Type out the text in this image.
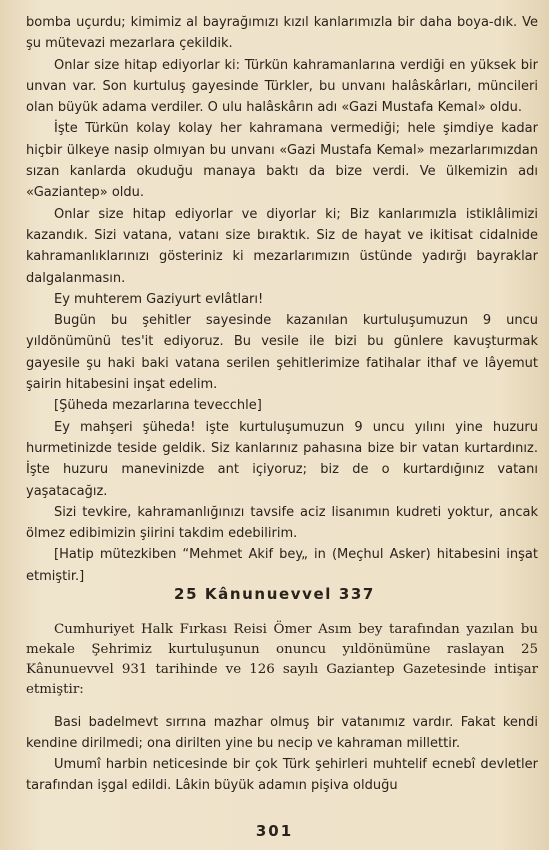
bomba uçurdu; kimimiz al bayrağımızı kızıl kanlarımızla bir daha boya-dık. Ve şu mütevazi mezarlara çekildik.

Onlar size hitap ediyorlar ki: Türkün kahramanlarına verdiği en yüksek bir unvan var. Son kurtuluş gayesinde Türkler, bu unvanı halâskârları, müncileri olan büyük adama verdiler. O ulu halâskârın adı «Gazi Mustafa Kemal» oldu.

İşte Türkün kolay kolay her kahramana vermediği; hele şimdiye kadar hiçbir ülkeye nasip olmıyan bu unvanı «Gazi Mustafa Kemal» mezarlarımızdan sızan kanlarda okuduğu manaya baktı da bize verdi. Ve ülkemizin adı «Gaziantep» oldu.

Onlar size hitap ediyorlar ve diyorlar ki; Biz kanlarımızla istiklâlimizi kazandık. Sizi vatana, vatanı size bıraktık. Siz de hayat ve ikitisat cidalnide kahramanlıklarınızı gösteriniz ki mezarlarımızın üstünde yadırğı bayraklar dalgalanmasın.

Ey muhterem Gaziyurt evlâtları!

Bugün bu şehitler sayesinde kazanılan kurtuluşumuzun 9 uncu yıldönümünü tes'it ediyoruz. Bu vesile ile bizi bu günlere kavuşturmak gayesile şu haki baki vatana serilen şehitlerimize fatihalar ithaf ve lâyemut şairin hitabesini inşat edelim.

[Şüheda mezarlarına tevecchle]

Ey mahşeri şüheda! işte kurtuluşumuzun 9 uncu yılını yine huzuru hurmetinizde teside geldik. Siz kanlarınız pahasına bize bir vatan kurtardınız. İşte huzuru manevinizde ant içiyoruz; biz de o kurtardığınız vatanı yaşatacağız.

Sizi tevkire, kahramanlığınızı tavsife aciz lisanımın kudreti yoktur, ancak ölmez edibimizin şiirini takdim edebilirim.

[Hatip mütezkiben “Mehmet Akif bey„ in (Meçhul Asker) hitabesini inşat etmiştir.]

25 Kânunuevvel 337

Cumhuriyet Halk Fırkası Reisi Ömer Asım bey tarafından yazılan bu mekale Şehrimiz kurtuluşunun onuncu yıldönümüne raslayan 25 Kânunuevvel 931 tarihinde ve 126 sayılı Gaziantep Gazetesinde intişar etmiştir:

Basi badelmevt sırrına mazhar olmuş bir vatanımız vardır. Fakat kendi kendine dirilmedi; ona dirilten yine bu necip ve kahraman millettir.

Umumî harbin neticesinde bir çok Türk şehirleri muhtelif ecnebî devletler tarafından işgal edildi. Lâkin büyük adamın pişiva olduğu

301
